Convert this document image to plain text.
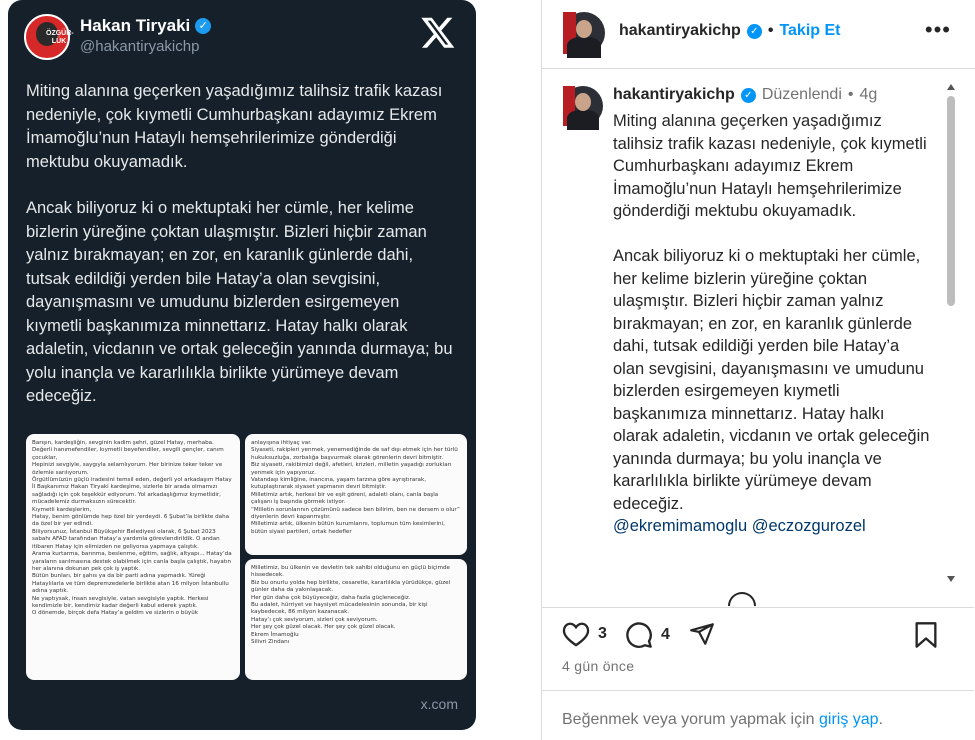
ÖZGÜR-LÜK
Hakan Tiryaki ✓
@hakantiryakichp

Miting alanına geçerken yaşadığımız talihsiz trafik kazası nedeniyle, çok kıymetli Cumhurbaşkanı adayımız Ekrem İmamoğlu’nun Hataylı hemşehrilerimize gönderdiği mektubu okuyamadık.

Ancak biliyoruz ki o mektuptaki her cümle, her kelime bizlerin yüreğine çoktan ulaşmıştır. Bizleri hiçbir zaman yalnız bırakmayan; en zor, en karanlık günlerde dahi, tutsak edildiği yerden bile Hatay’a olan sevgisini, dayanışmasını ve umudunu bizlerden esirgemeyen kıymetli başkanımıza minnettarız. Hatay halkı olarak adaletin, vicdanın ve ortak geleceğin yanında durmaya; bu yolu inançla ve kararlılıkla birlikte yürümeye devam edeceğiz.

Barışın, kardeşliğin, sevginin kadim şehri, güzel Hatay, merhaba.
Değerli hanımefendiler, kıymetli beyefendiler, sevgili gençler, canım çocuklar,
Hepinizi sevgiyle, saygıyla selamlıyorum. Her birinize teker teker ve özlemle sarılıyorum.
Örgütlümüzün güçlü iradesini temsil eden, değerli yol arkadaşım Hatay İl Başkanımız Hakan Tiryaki kardeşime, sizlerle bir arada olmamızı sağladığı için çok teşekkür ediyorum. Yol arkadaşlığımız kıymetlidir, mücadelemiz durmaksızın sürecektir.
Kıymetli kardeşlerim,
Hatay, benim gönlümde hep özel bir yerdeydi. 6 Şubat’la birlikte daha da özel bir yer edindi.
Biliyorsunuz, İstanbul Büyükşehir Belediyesi olarak, 6 Şubat 2023 sabahı AFAD tarafından Hatay’a yardımla görevlendirildik. O andan itibaren Hatay için elimizden ne geliyorsa yapmaya çalıştık.
Arama kurtarma, barınma, beslenme, eğitim, sağlık, altyapı... Hatay’da yaraların sarılmasına destek olabilmek için canla başla çalıştık, hayatın her alanına dokunan pek çok iş yaptık.
Bütün bunları, bir şahıs ya da bir parti adına yapmadık. Yüreği Hataylılarla ve tüm depremzedelerle birlikte atan 16 milyon İstanbullu adına yaptık.
Ne yaptıysak, insan sevgisiyle, vatan sevgisiyle yaptık. Herkesi kendimizle bir, kendimiz kadar değerli kabul ederek yaptık.
O dönemde, birçok defa Hatay’a geldim ve sizlerin o büyük
anlayışına ihtiyaç var.
Siyaseti, rakipleri yenmek, yenemediğinde de saf dışı etmek için her türlü hukuksuzluğa, zorbalığa başvurmak olarak görenlerin devri bitmiştir.
Biz siyaseti, rakibimizi değil, afetleri, krizleri, milletin yaşadığı zorlukları yenmek için yapıyoruz.
Vatandaşı kimliğine, inancına, yaşam tarzına göre ayrıştırarak, kutuplaştırarak siyaset yapmanın devri bitmiştir.
Milletimiz artık, herkesi bir ve eşit göreni, adaleti olanı, canla başla çalışanı iş başında görmek istiyor.
“Milletin sorunlarının çözümünü sadece ben bilirim, ben ne dersem o olur” diyenlerin devri kapanmıştır.
Milletimiz artık, ülkenin bütün kurumlarını, toplumun tüm kesimlerini, bütün siyasi partileri, ortak hedefler
Milletimiz, bu ülkenin ve devletin tek sahibi olduğunu en güçlü biçimde hissedecek.
Biz bu onurlu yolda hep birlikte, cesaretle, kararlılıkla yürüdükçe, güzel günler daha da yakınlaşacak.
Her gün daha çok büyüyeceğiz, daha fazla güçleneceğiz.
Bu adalet, hürriyet ve haysiyet mücadelesinin sonunda, bir kişi kaybedecek, 86 milyon kazanacak.
Hatay’ı çok seviyorum, sizleri çok seviyorum.
Her şey çok güzel olacak. Her şey çok güzel olacak.
Ekrem İmamoğlu
Silivri Zindanı
x.com
hakantiryakichp ✓ • Takip Et	•••
hakantiryakichp ✓ Düzenlendi • 4g

Miting alanına geçerken yaşadığımız talihsiz trafik kazası nedeniyle, çok kıymetli Cumhurbaşkanı adayımız Ekrem İmamoğlu’nun Hataylı hemşehrilerimize gönderdiği mektubu okuyamadık.

Ancak biliyoruz ki o mektuptaki her cümle, her kelime bizlerin yüreğine çoktan ulaşmıştır. Bizleri hiçbir zaman yalnız bırakmayan; en zor, en karanlık günlerde dahi, tutsak edildiği yerden bile Hatay’a olan sevgisini, dayanışmasını ve umudunu bizlerden esirgemeyen kıymetli başkanımıza minnettarız. Hatay halkı olarak adaletin, vicdanın ve ortak geleceğin yanında durmaya; bu yolu inançla ve kararlılıkla birlikte yürümeye devam edeceğiz.
@ekremimamoglu @eczozgurozel

3	4
4 gün önce
Beğenmek veya yorum yapmak için giriş yap.
